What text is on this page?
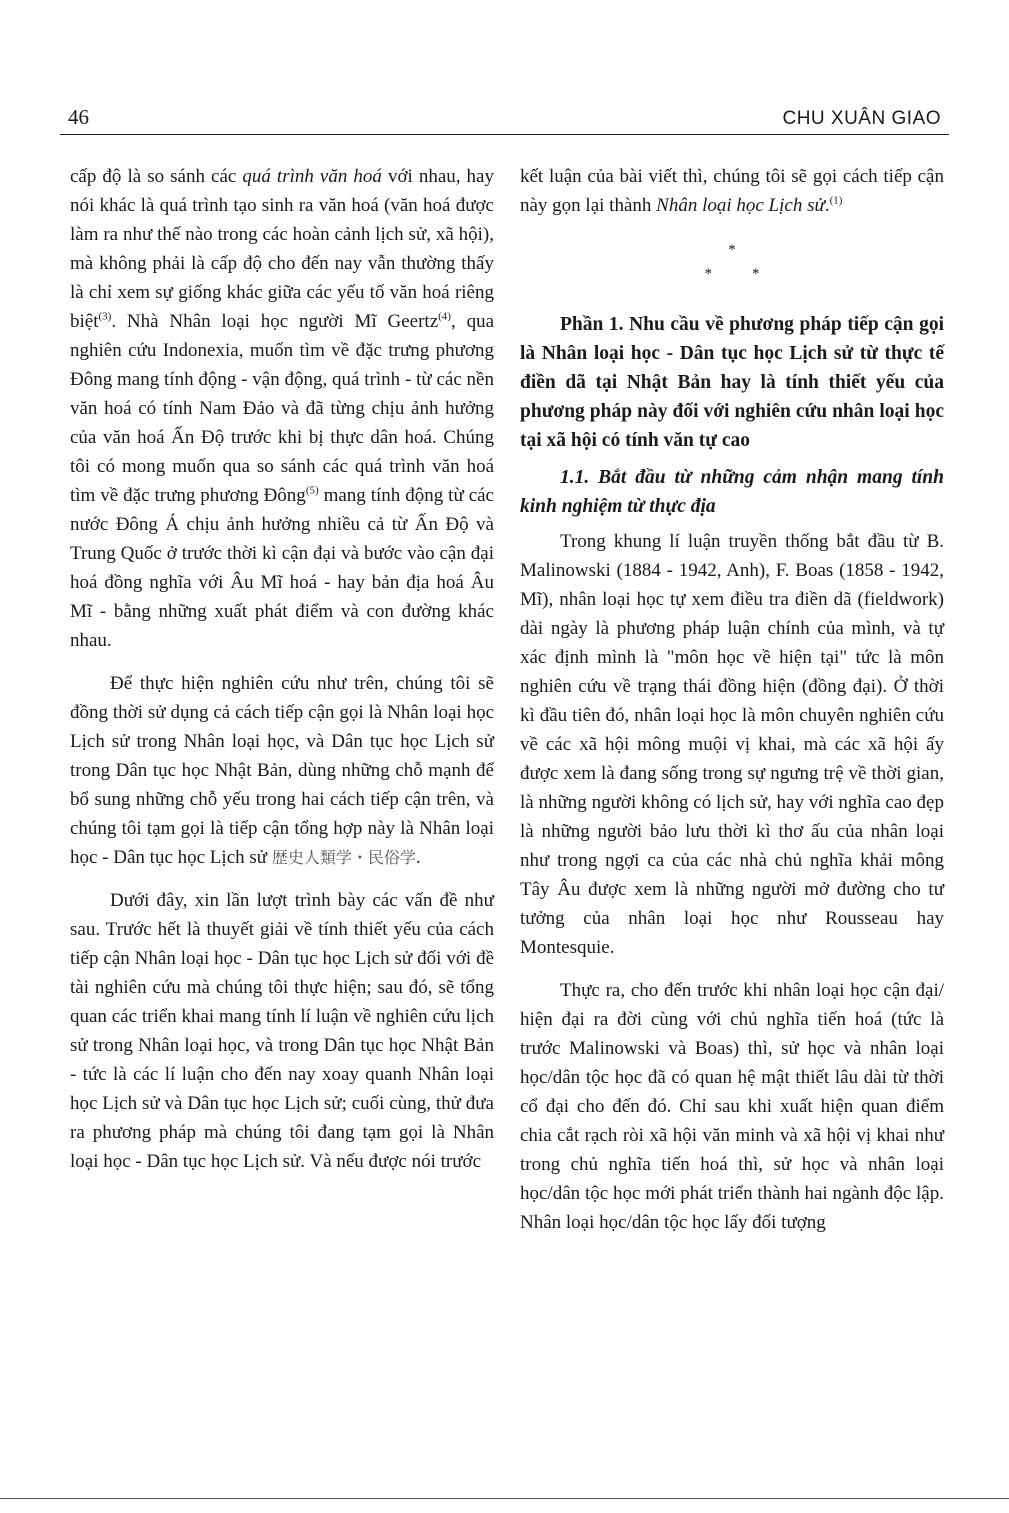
46	CHU XUÂN GIAO

cấp độ là so sánh các quá trình văn hoá với nhau, hay nói khác là quá trình tạo sinh ra văn hoá (văn hoá được làm ra như thế nào trong các hoàn cảnh lịch sử, xã hội), mà không phải là cấp độ cho đến nay vẫn thường thấy là chỉ xem sự giống khác giữa các yếu tố văn hoá riêng biệt$^{(3)}$. Nhà Nhân loại học người Mĩ Geertz$^{(4)}$, qua nghiên cứu Indonexia, muốn tìm về đặc trưng phương Đông mang tính động - vận động, quá trình - từ các nền văn hoá có tính Nam Đảo và đã từng chịu ảnh hưởng của văn hoá Ấn Độ trước khi bị thực dân hoá. Chúng tôi có mong muốn qua so sánh các quá trình văn hoá tìm về đặc trưng phương Đông$^{(5)}$ mang tính động từ các nước Đông Á chịu ảnh hưởng nhiều cả từ Ấn Độ và Trung Quốc ở trước thời kì cận đại và bước vào cận đại hoá đồng nghĩa với Âu Mĩ hoá - hay bản địa hoá Âu Mĩ - bằng những xuất phát điểm và con đường khác nhau.

Để thực hiện nghiên cứu như trên, chúng tôi sẽ đồng thời sử dụng cả cách tiếp cận gọi là Nhân loại học Lịch sử trong Nhân loại học, và Dân tục học Lịch sử trong Dân tục học Nhật Bản, dùng những chỗ mạnh để bổ sung những chỗ yếu trong hai cách tiếp cận trên, và chúng tôi tạm gọi là tiếp cận tổng hợp này là Nhân loại học - Dân tục học Lịch sử 歴史人類学・民俗学.

Dưới đây, xin lần lượt trình bày các vấn đề như sau. Trước hết là thuyết giải về tính thiết yếu của cách tiếp cận Nhân loại học - Dân tục học Lịch sử đối với đề tài nghiên cứu mà chúng tôi thực hiện; sau đó, sẽ tổng quan các triển khai mang tính lí luận về nghiên cứu lịch sử trong Nhân loại học, và trong Dân tục học Nhật Bản - tức là các lí luận cho đến nay xoay quanh Nhân loại học Lịch sử và Dân tục học Lịch sử; cuối cùng, thử đưa ra phương pháp mà chúng tôi đang tạm gọi là Nhân loại học - Dân tục học Lịch sử. Và nếu được nói trước

kết luận của bài viết thì, chúng tôi sẽ gọi cách tiếp cận này gọn lại thành Nhân loại học Lịch sử.$^{(1)}$

*
*	*
Phần 1. Nhu cầu về phương pháp tiếp cận gọi là Nhân loại học - Dân tục học Lịch sử từ thực tế điền dã tại Nhật Bản hay là tính thiết yếu của phương pháp này đối với nghiên cứu nhân loại học tại xã hội có tính văn tự cao
1.1. Bắt đầu từ những cảm nhận mang tính kinh nghiệm từ thực địa

Trong khung lí luận truyền thống bắt đầu từ B. Malinowski (1884 - 1942, Anh), F. Boas (1858 - 1942, Mĩ), nhân loại học tự xem điều tra điền dã (fieldwork) dài ngày là phương pháp luận chính của mình, và tự xác định mình là "môn học về hiện tại" tức là môn nghiên cứu về trạng thái đồng hiện (đồng đại). Ở thời kì đầu tiên đó, nhân loại học là môn chuyên nghiên cứu về các xã hội mông muội vị khai, mà các xã hội ấy được xem là đang sống trong sự ngưng trệ về thời gian, là những người không có lịch sử, hay với nghĩa cao đẹp là những người bảo lưu thời kì thơ ấu của nhân loại như trong ngợi ca của các nhà chủ nghĩa khải mông Tây Âu được xem là những người mở đường cho tư tưởng của nhân loại học như Rousseau hay Montesquie.

Thực ra, cho đến trước khi nhân loại học cận đại/ hiện đại ra đời cùng với chủ nghĩa tiến hoá (tức là trước Malinowski và Boas) thì, sử học và nhân loại học/dân tộc học đã có quan hệ mật thiết lâu dài từ thời cổ đại cho đến đó. Chỉ sau khi xuất hiện quan điểm chia cắt rạch ròi xã hội văn minh và xã hội vị khai như trong chủ nghĩa tiến hoá thì, sử học và nhân loại học/dân tộc học mới phát triển thành hai ngành độc lập. Nhân loại học/dân tộc học lấy đối tượng
